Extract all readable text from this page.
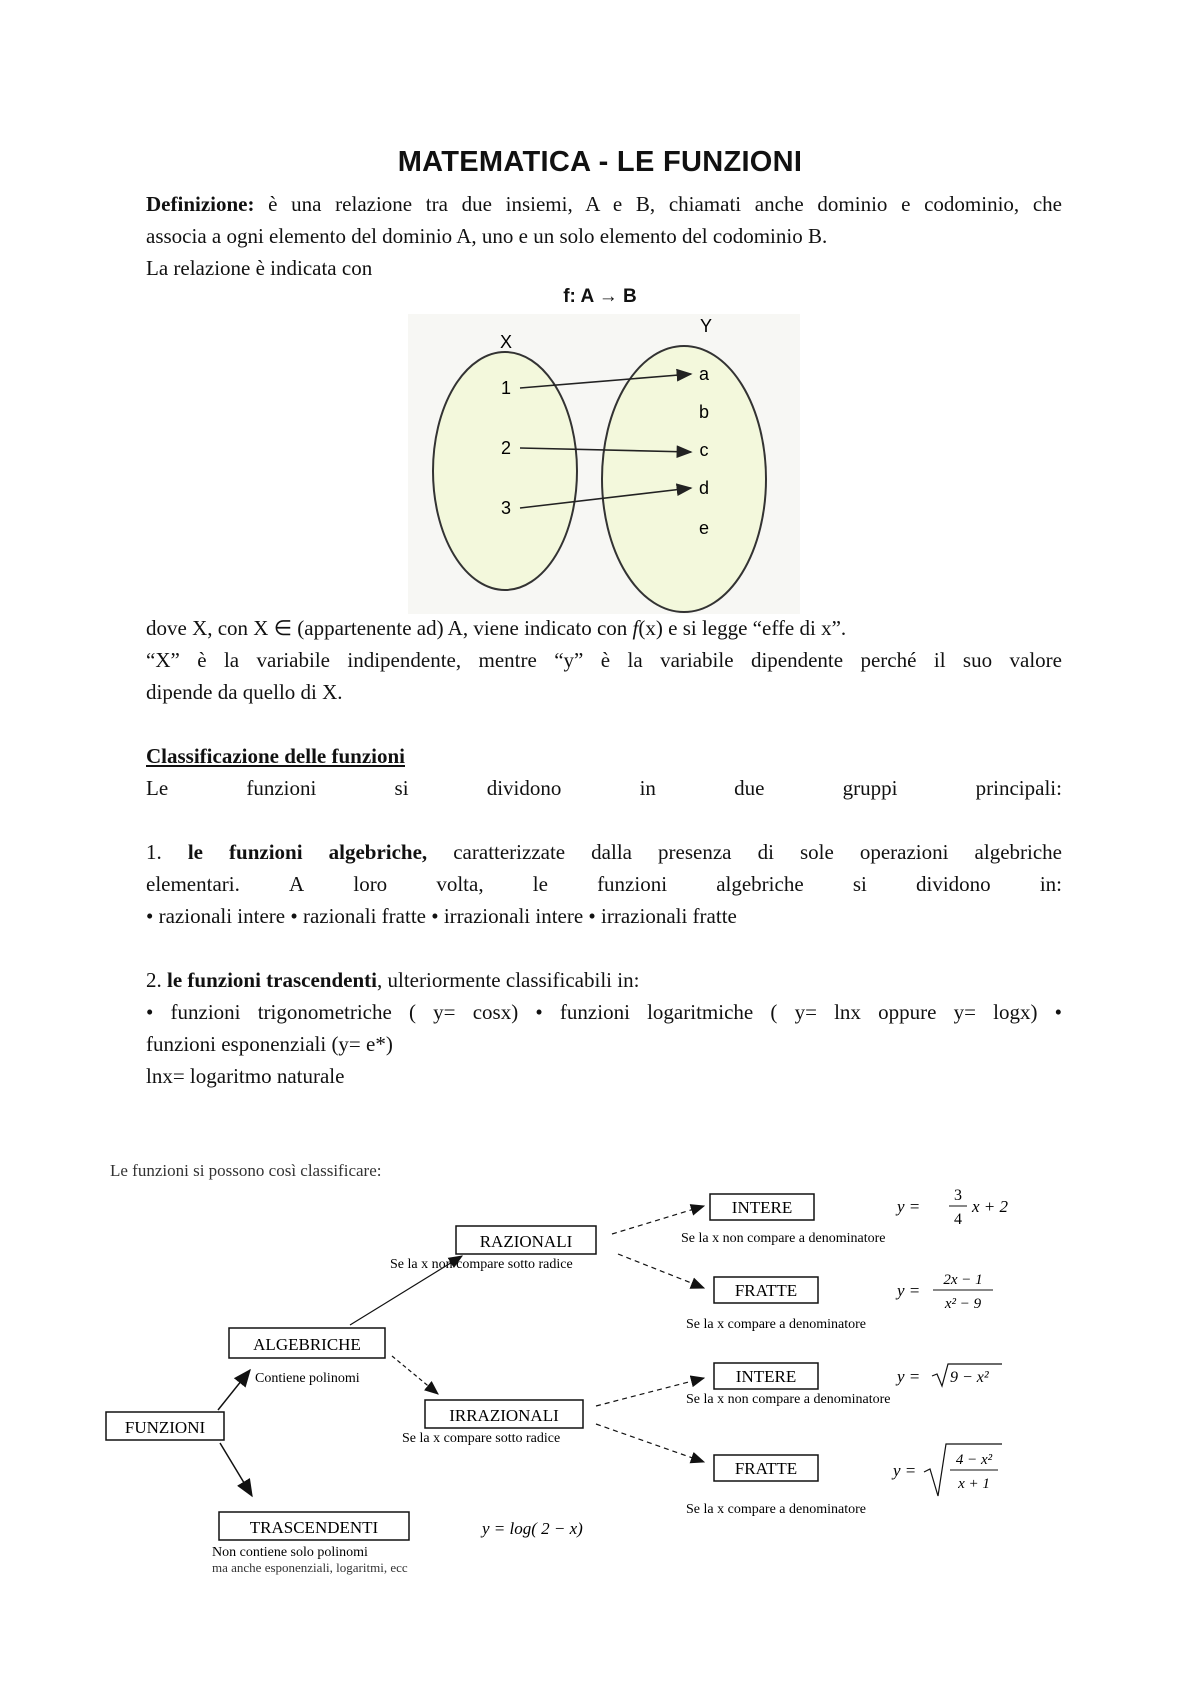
MATEMATICA - LE FUNZIONI
Definizione: è una relazione tra due insiemi, A e B, chiamati anche dominio e codominio, che
associa a ogni elemento del dominio A, uno e un solo elemento del codominio B.
La relazione è indicata con
f: A → B
X
Y
1
2
3
a
b
c
d
e
dove X, con X ∈ (appartenente ad) A, viene indicato con f(x) e si legge “effe di x”.
“X” è la variabile indipendente, mentre “y” è la variabile dipendente perché il suo valore
dipende da quello di X.
Classificazione delle funzioni
Le	funzioni	si	dividono	in	due	gruppi	principali:
1. le funzioni algebriche, caratterizzate dalla presenza di sole operazioni algebriche
elementari. A loro volta, le funzioni algebriche si dividono in:
• razionali intere • razionali fratte • irrazionali intere • irrazionali fratte
2. le funzioni trascendenti, ulteriormente classificabili in:
• funzioni trigonometriche ( y= cosx) • funzioni logaritmiche ( y= lnx oppure y= logx) •
funzioni esponenziali (y= e*)
lnx= logaritmo naturale
Le funzioni si possono così classificare:
FUNZIONI
ALGEBRICHE
Contiene polinomi
TRASCENDENTI
Non contiene solo polinomi
ma anche esponenziali, logaritmi, ecc
y = log( 2 − x)
RAZIONALI
Se la x non compare sotto radice
IRRAZIONALI
Se la x compare sotto radice
INTERE
Se la x non compare a denominatore
FRATTE
Se la x compare a denominatore
INTERE
Se la x non compare a denominatore
FRATTE
Se la x compare a denominatore
y =
3
4
x + 2
y =
2x − 1
x² − 9
y = 9 − x²
y =
4 − x²
x + 1
